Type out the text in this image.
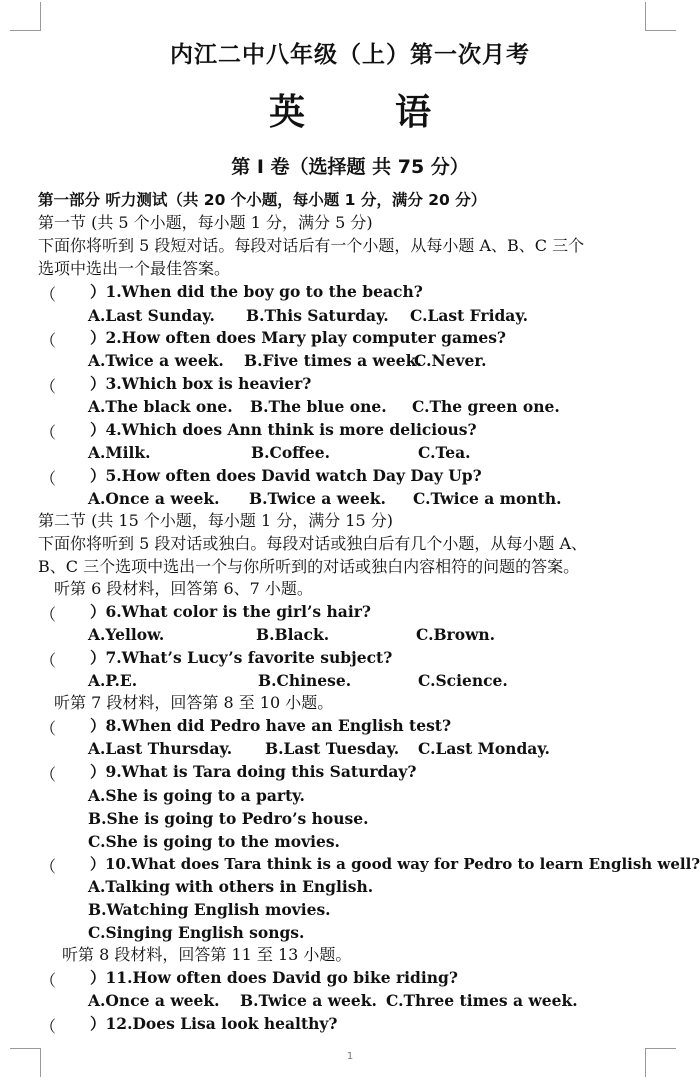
内江二中八年级（上）第一次月考
英	语
第 I 卷（选择题 共 75 分）
第一部分 听力测试（共 20 个小题，每小题 1 分，满分 20 分）
第一节 (共 5 个小题，每小题 1 分，满分 5 分)
下面你将听到 5 段短对话。每段对话后有一个小题，从每小题 A、B、C 三个
选项中选出一个最佳答案。
（ ）1.When did the boy go to the beach?
A.Last Sunday. B.This Saturday. C.Last Friday.
（ ）2.How often does Mary play computer games?
A.Twice a week. B.Five times a week.
C.Never.
（ ）3.Which box is heavier?
A.The black one. B.The blue one. C.The green one.
（ ）4.Which does Ann think is more delicious?
A.Milk.	B.Coffee.	C.Tea.
（ ）5.How often does David watch Day Day Up?
A.Once a week. B.Twice a week. C.Twice a month.
第二节 (共 15 个小题，每小题 1 分，满分 15 分)
下面你将听到 5 段对话或独白。每段对话或独白后有几个小题，从每小题 A、
B、C 三个选项中选出一个与你所听到的对话或独白内容相符的问题的答案。
听第 6 段材料，回答第 6、7 小题。
（ ）6.What color is the girl’s hair?
A.Yellow.	B.Black.	C.Brown.
（ ）7.What’s Lucy’s favorite subject?
A.P.E.	B.Chinese.	C.Science.
听第 7 段材料，回答第 8 至 10 小题。
（ ）8.When did Pedro have an English test?
A.Last Thursday. B.Last Tuesday. C.Last Monday.
（ ）9.What is Tara doing this Saturday?
A.She is going to a party.
B.She is going to Pedro’s house.
C.She is going to the movies.
（ ）10.What does Tara think is a good way for Pedro to learn English well?
A.Talking with others in English.
B.Watching English movies.
C.Singing English songs.
听第 8 段材料，回答第 11 至 13 小题。
（ ）11.How often does David go bike riding?
A.Once a week. B.Twice a week. C.Three times a week.
（ ）12.Does Lisa look healthy?
1
